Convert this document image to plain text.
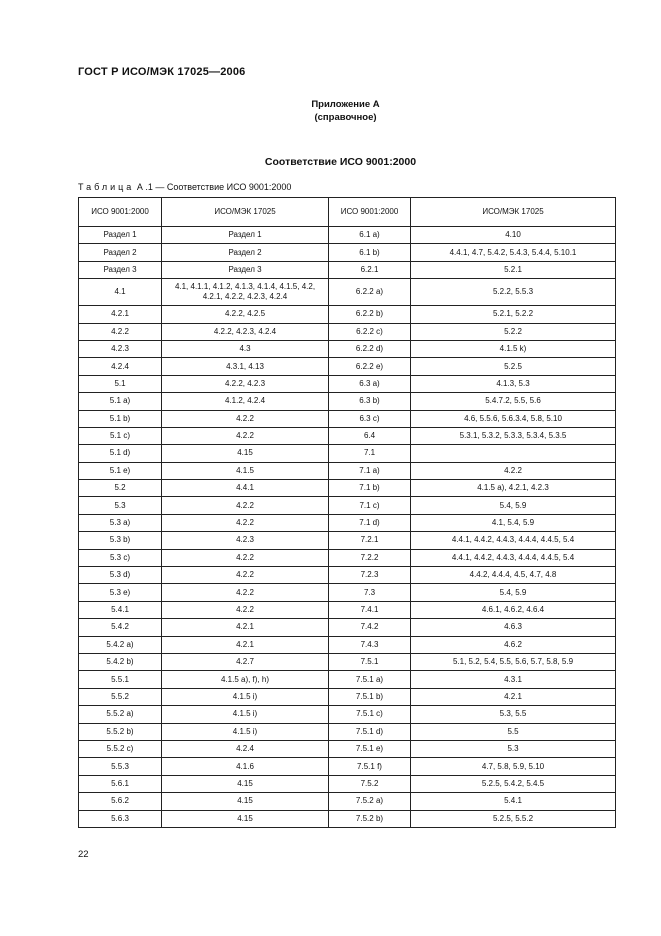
ГОСТ Р ИСО/МЭК 17025—2006
Приложение А
(справочное)
Соответствие ИСО 9001:2000
Таблица А .1 — Соответствие ИСО 9001:2000
ИСО 9001:2000	ИСО/МЭК 17025	ИСО 9001:2000	ИСО/МЭК 17025
Раздел 1	Раздел 1	6.1 а)	4.10
Раздел 2	Раздел 2	6.1 b)	4.4.1, 4.7, 5.4.2, 5.4.3, 5.4.4, 5.10.1
Раздел 3	Раздел 3	6.2.1	5.2.1
4.1	4.1, 4.1.1, 4.1.2, 4.1.3, 4.1.4, 4.1.5, 4.2, 4.2.1, 4.2.2, 4.2.3, 4.2.4	6.2.2 а)	5.2.2, 5.5.3
4.2.1	4.2.2, 4.2.5	6.2.2 b)	5.2.1, 5.2.2
4.2.2	4.2.2, 4.2.3, 4.2.4	6.2.2 c)	5.2.2
4.2.3	4.3	6.2.2 d)	4.1.5 k)
4.2.4	4.3.1, 4.13	6.2.2 е)	5.2.5
5.1	4.2.2, 4.2.3	6.3 а)	4.1.3, 5.3
5.1 а)	4.1.2, 4.2.4	6.3 b)	5.4.7.2, 5.5, 5.6
5.1 b)	4.2.2	6.3 c)	4.6, 5.5.6, 5.6.3.4, 5.8, 5.10
5.1 c)	4.2.2	6.4	5.3.1, 5.3.2, 5.3.3, 5.3.4, 5.3.5
5.1 d)	4.15	7.1	
5.1 е)	4.1.5	7.1 а)	4.2.2
5.2	4.4.1	7.1 b)	4.1.5 а), 4.2.1, 4.2.3
5.3	4.2.2	7.1 c)	5.4, 5.9
5.3 а)	4.2.2	7.1 d)	4.1, 5.4, 5.9
5.3 b)	4.2.3	7.2.1	4.4.1, 4.4.2, 4.4.3, 4.4.4, 4.4.5, 5.4
5.3 c)	4.2.2	7.2.2	4.4.1, 4.4.2, 4.4.3, 4.4.4, 4.4.5, 5.4
5.3 d)	4.2.2	7.2.3	4.4.2, 4.4.4, 4.5, 4.7, 4.8
5.3 е)	4.2.2	7.3	5.4, 5.9
5.4.1	4.2.2	7.4.1	4.6.1, 4.6.2, 4.6.4
5.4.2	4.2.1	7.4.2	4.6.3
5.4.2 а)	4.2.1	7.4.3	4.6.2
5.4.2 b)	4.2.7	7.5.1	5.1, 5.2, 5.4, 5.5, 5.6, 5.7, 5.8, 5.9
5.5.1	4.1.5 а), f), h)	7.5.1 а)	4.3.1
5.5.2	4.1.5 i)	7.5.1 b)	4.2.1
5.5.2 а)	4.1.5 i)	7.5.1 c)	5.3, 5.5
5.5.2 b)	4.1.5 i)	7.5.1 d)	5.5
5.5.2 c)	4.2.4	7.5.1 е)	5.3
5.5.3	4.1.6	7.5.1 f)	4.7, 5.8, 5.9, 5.10
5.6.1	4.15	7.5.2	5.2.5, 5.4.2, 5.4.5
5.6.2	4.15	7.5.2 а)	5.4.1
5.6.3	4.15	7.5.2 b)	5.2.5, 5.5.2
22
